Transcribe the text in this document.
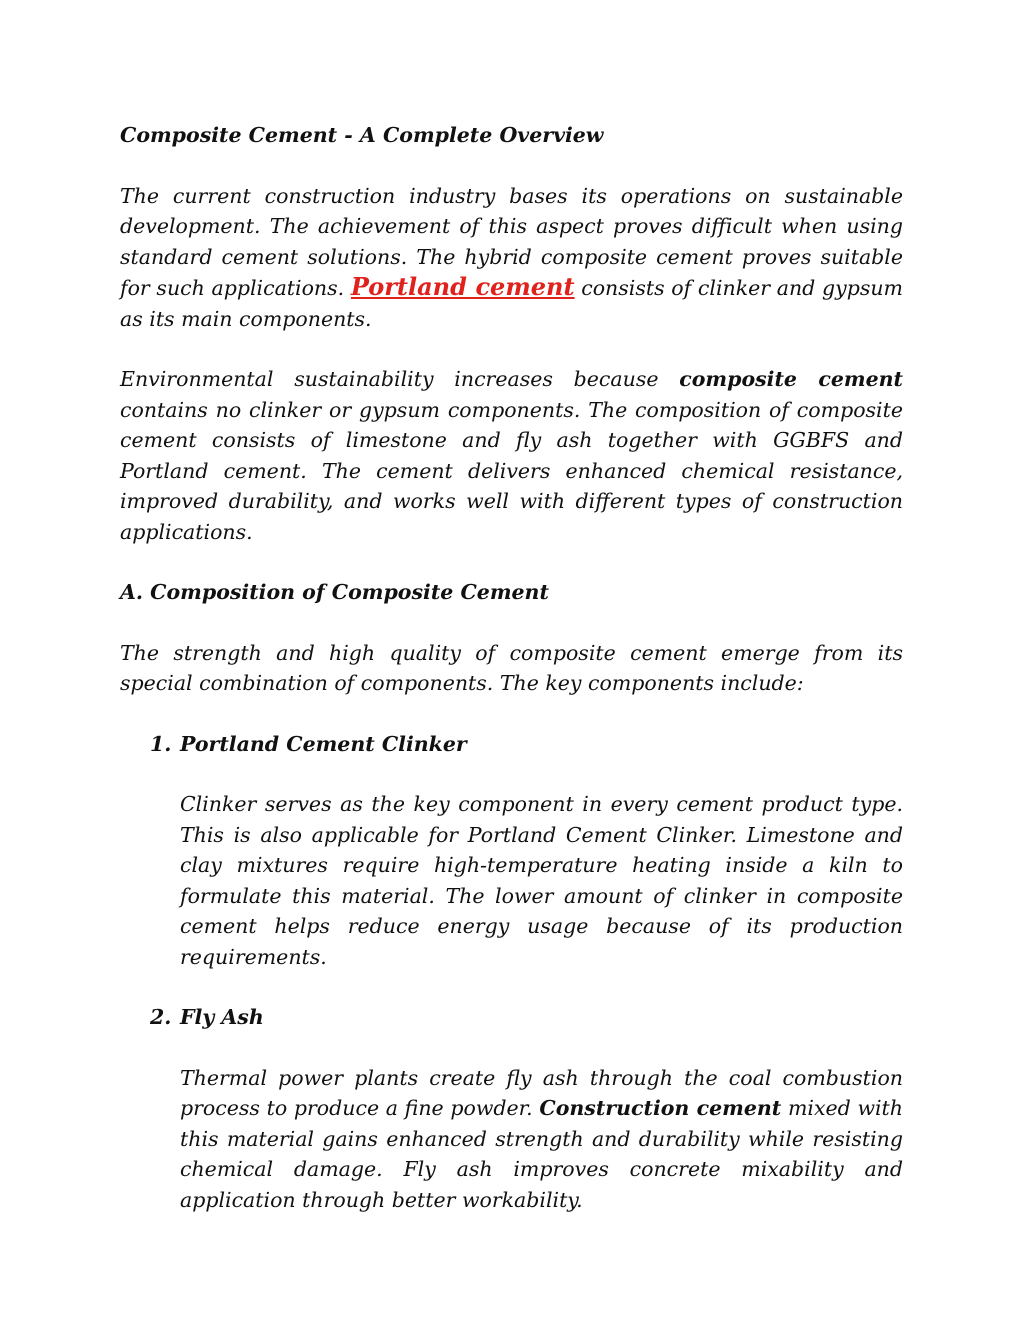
Composite Cement - A Complete Overview

The current construction industry bases its operations on sustainable development. The achievement of this aspect proves difficult when using standard cement solutions. The hybrid composite cement proves suitable for such applications. Portland cement consists of clinker and gypsum as its main components.

Environmental sustainability increases because composite cement contains no clinker or gypsum components. The composition of composite cement consists of limestone and fly ash together with GGBFS and Portland cement. The cement delivers enhanced chemical resistance, improved durability, and works well with different types of construction applications.

A. Composition of Composite Cement

The strength and high quality of composite cement emerge from its special combination of components. The key components include:

1. Portland Cement Clinker

Clinker serves as the key component in every cement product type. This is also applicable for Portland Cement Clinker. Limestone and clay mixtures require high-temperature heating inside a kiln to formulate this material. The lower amount of clinker in composite cement helps reduce energy usage because of its production requirements.

2. Fly Ash

Thermal power plants create fly ash through the coal combustion process to produce a fine powder. Construction cement mixed with this material gains enhanced strength and durability while resisting chemical damage. Fly ash improves concrete mixability and application through better workability.
